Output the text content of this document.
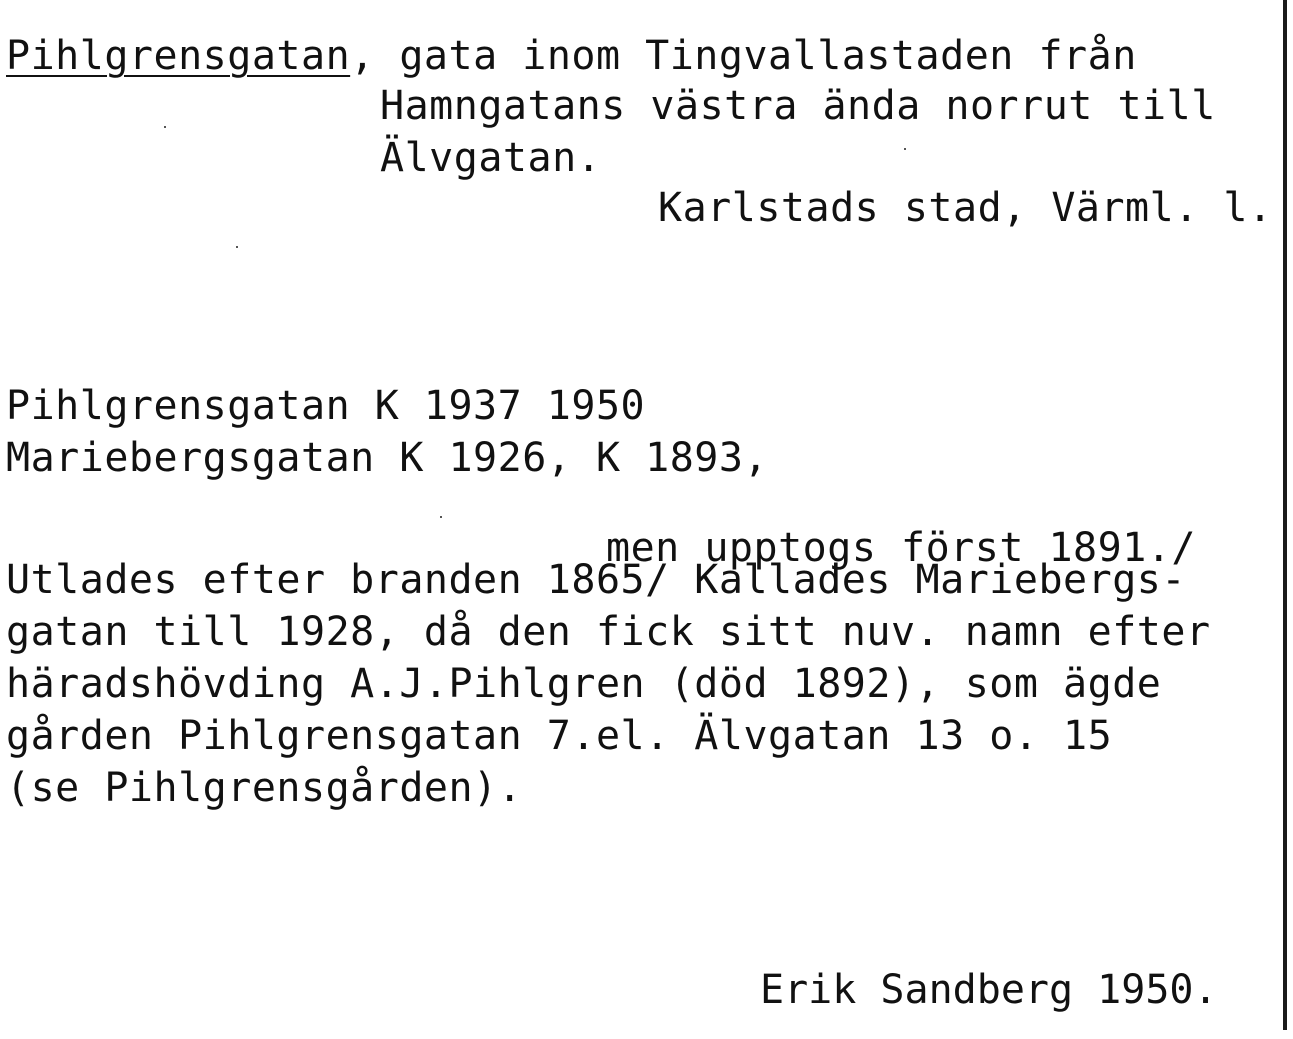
Pihlgrensgatan, gata inom Tingvallastaden från
Hamngatans västra ända norrut till
Älvgatan.
Karlstads stad, Värml. l.
Pihlgrensgatan K 1937 1950
Mariebergsgatan K 1926, K 1893,
men upptogs först 1891./
Utlades efter branden 1865/ Kallades Mariebergs-
gatan till 1928, då den fick sitt nuv. namn efter
häradshövding A.J.Pihlgren (död 1892), som ägde
gården Pihlgrensgatan 7.el. Älvgatan 13 o. 15
(se Pihlgrensgården).
Erik Sandberg 1950.
